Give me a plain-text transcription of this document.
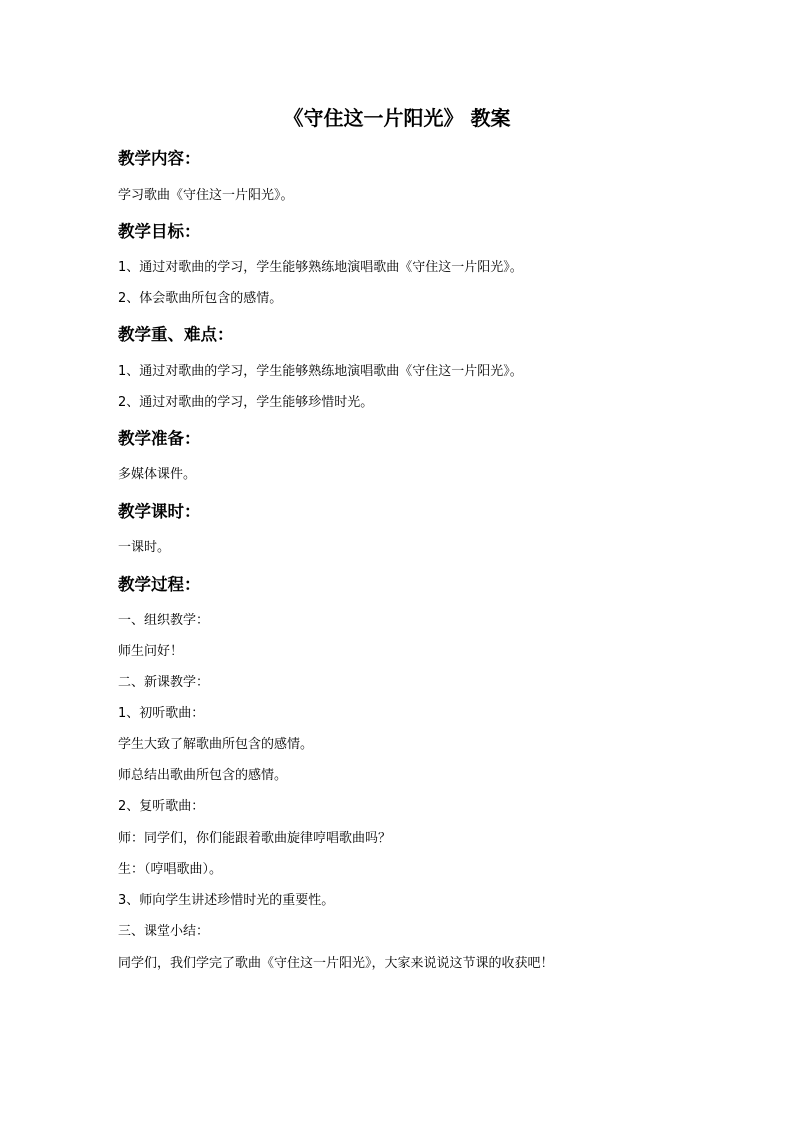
《守住这一片阳光》 教案
教学内容：
学习歌曲《守住这一片阳光》。
教学目标：
1、通过对歌曲的学习，学生能够熟练地演唱歌曲《守住这一片阳光》。
2、体会歌曲所包含的感情。
教学重、难点：
1、通过对歌曲的学习，学生能够熟练地演唱歌曲《守住这一片阳光》。
2、通过对歌曲的学习，学生能够珍惜时光。
教学准备：
多媒体课件。
教学课时：
一课时。
教学过程：
一、组织教学：
师生问好！
二、新课教学：
1、初听歌曲：
学生大致了解歌曲所包含的感情。
师总结出歌曲所包含的感情。
2、复听歌曲：
师：同学们，你们能跟着歌曲旋律哼唱歌曲吗？
生：（哼唱歌曲）。
3、师向学生讲述珍惜时光的重要性。
三、课堂小结：
同学们，我们学完了歌曲《守住这一片阳光》，大家来说说这节课的收获吧！
